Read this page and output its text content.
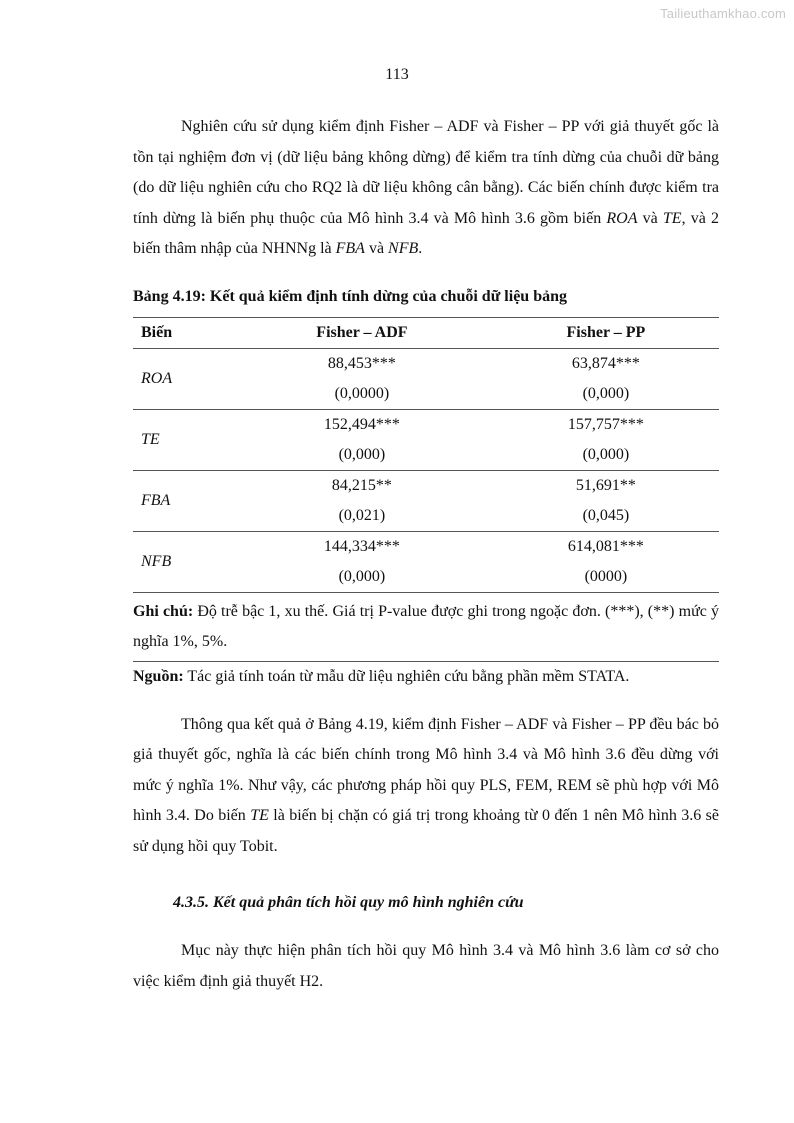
Tailieuthamkhao.com
113

Nghiên cứu sử dụng kiểm định Fisher – ADF và Fisher – PP với giả thuyết gốc là tồn tại nghiệm đơn vị (dữ liệu bảng không dừng) để kiểm tra tính dừng của chuỗi dữ bảng (do dữ liệu nghiên cứu cho RQ2 là dữ liệu không cân bằng). Các biến chính được kiểm tra tính dừng là biến phụ thuộc của Mô hình 3.4 và Mô hình 3.6 gồm biến ROA và TE, và 2 biến thâm nhập của NHNNg là FBA và NFB.

Bảng 4.19: Kết quả kiểm định tính dừng của chuỗi dữ liệu bảng
Biến	Fisher – ADF	Fisher – PP
ROA	88,453***	63,874***
	(0,0000)	(0,000)
TE	152,494***	157,757***
	(0,000)	(0,000)
FBA	84,215**	51,691**
	(0,021)	(0,045)
NFB	144,334***	614,081***
	(0,000)	(0000)
Ghi chú: Độ trễ bậc 1, xu thế. Giá trị P-value được ghi trong ngoặc đơn. (***), (**) mức ý nghĩa 1%, 5%.
Nguồn: Tác giả tính toán từ mẫu dữ liệu nghiên cứu bằng phần mềm STATA.

Thông qua kết quả ở Bảng 4.19, kiểm định Fisher – ADF và Fisher – PP đều bác bỏ giả thuyết gốc, nghĩa là các biến chính trong Mô hình 3.4 và Mô hình 3.6 đều dừng với mức ý nghĩa 1%. Như vậy, các phương pháp hồi quy PLS, FEM, REM sẽ phù hợp với Mô hình 3.4. Do biến TE là biến bị chặn có giá trị trong khoảng từ 0 đến 1 nên Mô hình 3.6 sẽ sử dụng hồi quy Tobit.

4.3.5. Kết quả phân tích hồi quy mô hình nghiên cứu

Mục này thực hiện phân tích hồi quy Mô hình 3.4 và Mô hình 3.6 làm cơ sở cho việc kiểm định giả thuyết H2.
